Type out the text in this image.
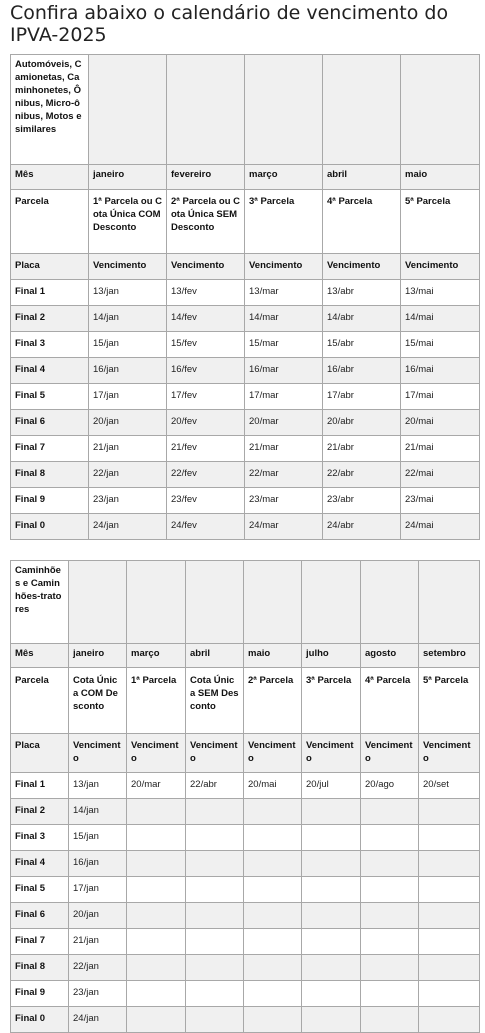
Confira abaixo o calendário de vencimento do IPVA-2025
Automóveis, Camionetas, Caminhonetes, Ônibus, Micro-ônibus, Motos e similares					
Mês	janeiro	fevereiro	março	abril	maio
Parcela	1ª Parcela ou Cota Única COMDesconto	2ª Parcela ou Cota Única SEM Desconto	3ª Parcela	4ª Parcela	5ª Parcela
Placa	Vencimento	Vencimento	Vencimento	Vencimento	Vencimento
Final 1	13/jan	13/fev	13/mar	13/abr	13/mai
Final 2	14/jan	14/fev	14/mar	14/abr	14/mai
Final 3	15/jan	15/fev	15/mar	15/abr	15/mai
Final 4	16/jan	16/fev	16/mar	16/abr	16/mai
Final 5	17/jan	17/fev	17/mar	17/abr	17/mai
Final 6	20/jan	20/fev	20/mar	20/abr	20/mai
Final 7	21/jan	21/fev	21/mar	21/abr	21/mai
Final 8	22/jan	22/fev	22/mar	22/abr	22/mai
Final 9	23/jan	23/fev	23/mar	23/abr	23/mai
Final 0	24/jan	24/fev	24/mar	24/abr	24/mai
Caminhões e Caminhões-tratores							
Mês	janeiro	março	abril	maio	julho	agosto	setembro
Parcela	Cota Única COM Desconto	1ª Parcela	Cota Única SEM Desconto	2ª Parcela	3ª Parcela	4ª Parcela	5ª Parcela
Placa	Vencimento	Vencimento	Vencimento	Vencimento	Vencimento	Vencimento	Vencimento
Final 1	13/jan	20/mar	22/abr	20/mai	20/jul	20/ago	20/set
Final 2	14/jan						
Final 3	15/jan						
Final 4	16/jan						
Final 5	17/jan						
Final 6	20/jan						
Final 7	21/jan						
Final 8	22/jan						
Final 9	23/jan						
Final 0	24/jan						
